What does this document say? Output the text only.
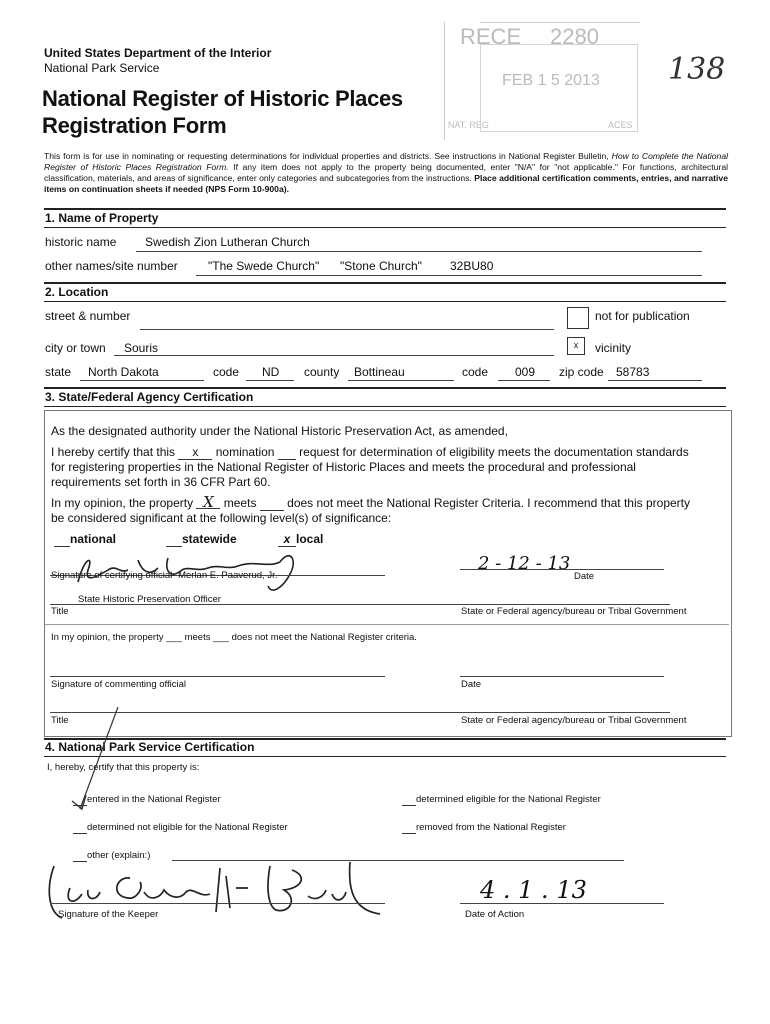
United States Department of the Interior
National Park Service
National Register of Historic Places
Registration Form
138
RECE 2280
FEB 1 5 2013
NAT. REG	ACES
This form is for use in nominating or requesting determinations for individual properties and districts. See instructions in National Register Bulletin, How to Complete the National Register of Historic Places Registration Form. If any item does not apply to the property being documented, enter "N/A" for "not applicable." For functions, architectural classification, materials, and areas of significance, enter only categories and subcategories from the instructions. Place additional certification comments, entries, and narrative items on continuation sheets if needed (NPS Form 10-900a).
1. Name of Property
historic name Swedish Zion Lutheran Church
other names/site number	"The Swede Church" "Stone Church" 32BU80
2. Location
street & number	not for publication
city or town Souris	x	vicinity
state North Dakota	code ND county Bottineau	code 009 zip code 58783
3. State/Federal Agency Certification
As the designated authority under the National Historic Preservation Act, as amended,
I hereby certify that this x nomination request for determination of eligibility meets the documentation standards
for registering properties in the National Register of Historic Places and meets the procedural and professional
requirements set forth in 36 CFR Part 60.
In my opinion, the property X meets	does not meet the National Register Criteria. I recommend that this property
be considered significant at the following level(s) of significance:
national	statewide	x local
2 - 12 - 13
Signature of certifying official- Merlan E. Paaverud, Jr.	Date
State Historic Preservation Officer
Title	State or Federal agency/bureau or Tribal Government
In my opinion, the property ___ meets ___ does not meet the National Register criteria.
Signature of commenting official	Date
Title	State or Federal agency/bureau or Tribal Government
4. National Park Service Certification
I, hereby, certify that this property is:
entered in the National Register	determined eligible for the National Register
determined not eligible for the National Register	removed from the National Register
other (explain:)
4 . 1 . 13
Signature of the Keeper	Date of Action
